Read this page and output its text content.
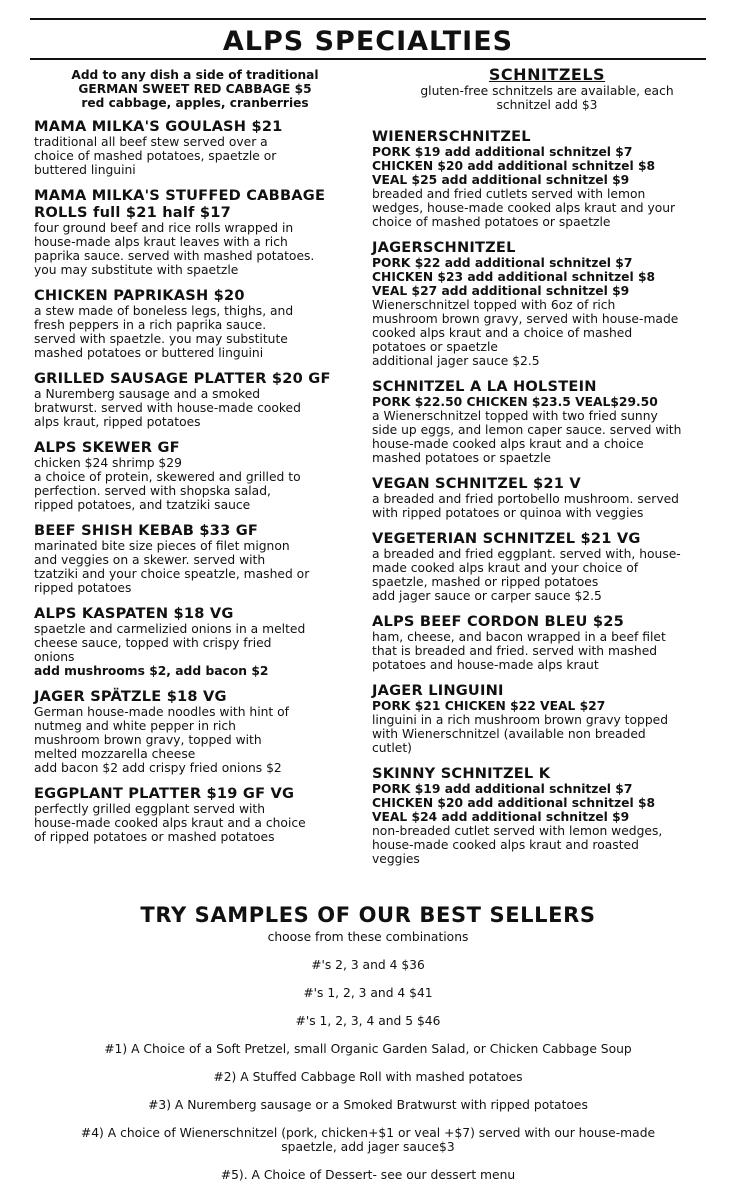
ALPS SPECIALTIES
Add to any dish a side of traditional
GERMAN SWEET RED CABBAGE $5
red cabbage, apples, cranberries
MAMA MILKA'S GOULASH $21
traditional all beef stew served over a
choice of mashed potatoes, spaetzle or
buttered linguini
MAMA MILKA'S STUFFED CABBAGE
ROLLS full $21 half $17
four ground beef and rice rolls wrapped in
house-made alps kraut leaves with a rich
paprika sauce. served with mashed potatoes.
you may substitute with spaetzle
CHICKEN PAPRIKASH $20
a stew made of boneless legs, thighs, and
fresh peppers in a rich paprika sauce.
served with spaetzle. you may substitute
mashed potatoes or buttered linguini
GRILLED SAUSAGE PLATTER $20 GF
a Nuremberg sausage and a smoked
bratwurst. served with house-made cooked
alps kraut, ripped potatoes
ALPS SKEWER GF
chicken $24 shrimp $29
a choice of protein, skewered and grilled to
perfection. served with shopska salad,
ripped potatoes, and tzatziki sauce
BEEF SHISH KEBAB $33 GF
marinated bite size pieces of filet mignon
and veggies on a skewer. served with
tzatziki and your choice speatzle, mashed or
ripped potatoes
ALPS KASPATEN $18 VG
spaetzle and carmelizied onions in a melted
cheese sauce, topped with crispy fried
onions
add mushrooms $2, add bacon $2
JAGER SPÄTZLE $18 VG
German house-made noodles with hint of
nutmeg and white pepper in rich
mushroom brown gravy, topped with
melted mozzarella cheese
add bacon $2 add crispy fried onions $2
EGGPLANT PLATTER $19 GF VG
perfectly grilled eggplant served with
house-made cooked alps kraut and a choice
of ripped potatoes or mashed potatoes
SCHNITZELS
gluten-free schnitzels are available, each
schnitzel add $3
WIENERSCHNITZEL
PORK $19 add additional schnitzel $7
CHICKEN $20 add additional schnitzel $8
VEAL $25 add additional schnitzel $9
breaded and fried cutlets served with lemon
wedges, house-made cooked alps kraut and your
choice of mashed potatoes or spaetzle
JAGERSCHNITZEL
PORK $22 add additional schnitzel $7
CHICKEN $23 add additional schnitzel $8
VEAL $27 add additional schnitzel $9
Wienerschnitzel topped with 6oz of rich
mushroom brown gravy, served with house-made
cooked alps kraut and a choice of mashed
potatoes or spaetzle
additional jager sauce $2.5
SCHNITZEL A LA HOLSTEIN
PORK $22.50 CHICKEN $23.5 VEAL$29.50
a Wienerschnitzel topped with two fried sunny
side up eggs, and lemon caper sauce. served with
house-made cooked alps kraut and a choice
mashed potatoes or spaetzle
VEGAN SCHNITZEL $21 V
a breaded and fried portobello mushroom. served
with ripped potatoes or quinoa with veggies
VEGETERIAN SCHNITZEL $21 VG
a breaded and fried eggplant. served with, house-
made cooked alps kraut and your choice of
spaetzle, mashed or ripped potatoes
add jager sauce or carper sauce $2.5
ALPS BEEF CORDON BLEU $25
ham, cheese, and bacon wrapped in a beef filet
that is breaded and fried. served with mashed
potatoes and house-made alps kraut
JAGER LINGUINI
PORK $21 CHICKEN $22 VEAL $27
linguini in a rich mushroom brown gravy topped
with Wienerschnitzel (available non breaded
cutlet)
SKINNY SCHNITZEL K
PORK $19 add additional schnitzel $7
CHICKEN $20 add additional schnitzel $8
VEAL $24 add additional schnitzel $9
non-breaded cutlet served with lemon wedges,
house-made cooked alps kraut and roasted
veggies
TRY SAMPLES OF OUR BEST SELLERS
choose from these combinations
#'s 2, 3 and 4 $36
#'s 1, 2, 3 and 4 $41
#'s 1, 2, 3, 4 and 5 $46
#1) A Choice of a Soft Pretzel, small Organic Garden Salad, or Chicken Cabbage Soup
#2) A Stuffed Cabbage Roll with mashed potatoes
#3) A Nuremberg sausage or a Smoked Bratwurst with ripped potatoes
#4) A choice of Wienerschnitzel (pork, chicken+$1 or veal +$7) served with our house-made
spaetzle, add jager sauce$3
#5). A Choice of Dessert- see our dessert menu
